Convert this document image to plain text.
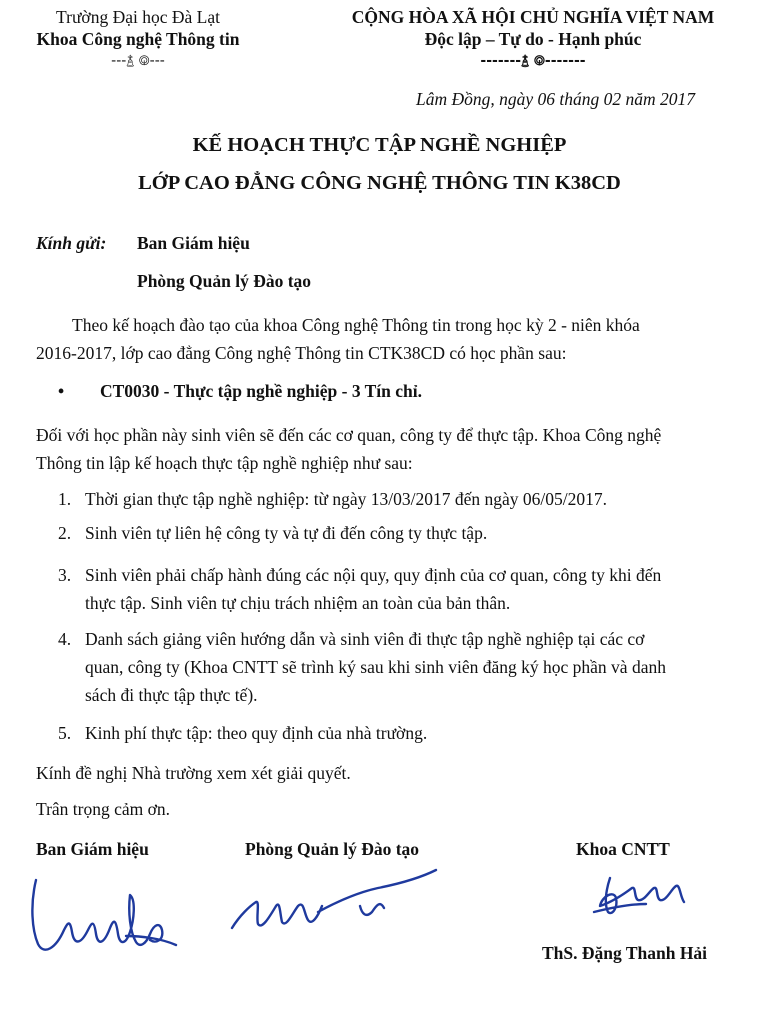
Trường Đại học Đà Lạt
Khoa Công nghệ Thông tin
---࿄ ࿃---
CỘNG HÒA XÃ HỘI CHỦ NGHĨA VIỆT NAM
Độc lập – Tự do - Hạnh phúc
-------࿄ ࿃-------
Lâm Đồng, ngày 06 tháng 02 năm 2017
KẾ HOẠCH THỰC TẬP NGHỀ NGHIỆP
LỚP CAO ĐẲNG CÔNG NGHỆ THÔNG TIN K38CD
Kính gửi: Ban Giám hiệu
Phòng Quản lý Đào tạo
Theo kế hoạch đào tạo của khoa Công nghệ Thông tin trong học kỳ 2 - niên khóa
2016-2017, lớp cao đẳng Công nghệ Thông tin CTK38CD có học phần sau:
• CT0030 - Thực tập nghề nghiệp - 3 Tín chỉ.
Đối với học phần này sinh viên sẽ đến các cơ quan, công ty để thực tập. Khoa Công nghệ
Thông tin lập kế hoạch thực tập nghề nghiệp như sau:
1. Thời gian thực tập nghề nghiệp: từ ngày 13/03/2017 đến ngày 06/05/2017.
2. Sinh viên tự liên hệ công ty và tự đi đến công ty thực tập.
3. Sinh viên phải chấp hành đúng các nội quy, quy định của cơ quan, công ty khi đến
thực tập. Sinh viên tự chịu trách nhiệm an toàn của bản thân.
4. Danh sách giảng viên hướng dẫn và sinh viên đi thực tập nghề nghiệp tại các cơ
quan, công ty (Khoa CNTT sẽ trình ký sau khi sinh viên đăng ký học phần và danh
sách đi thực tập thực tế).
5. Kinh phí thực tập: theo quy định của nhà trường.
Kính đề nghị Nhà trường xem xét giải quyết.
Trân trọng cảm ơn.
Ban Giám hiệu	Phòng Quản lý Đào tạo	Khoa CNTT
ThS. Đặng Thanh Hải
